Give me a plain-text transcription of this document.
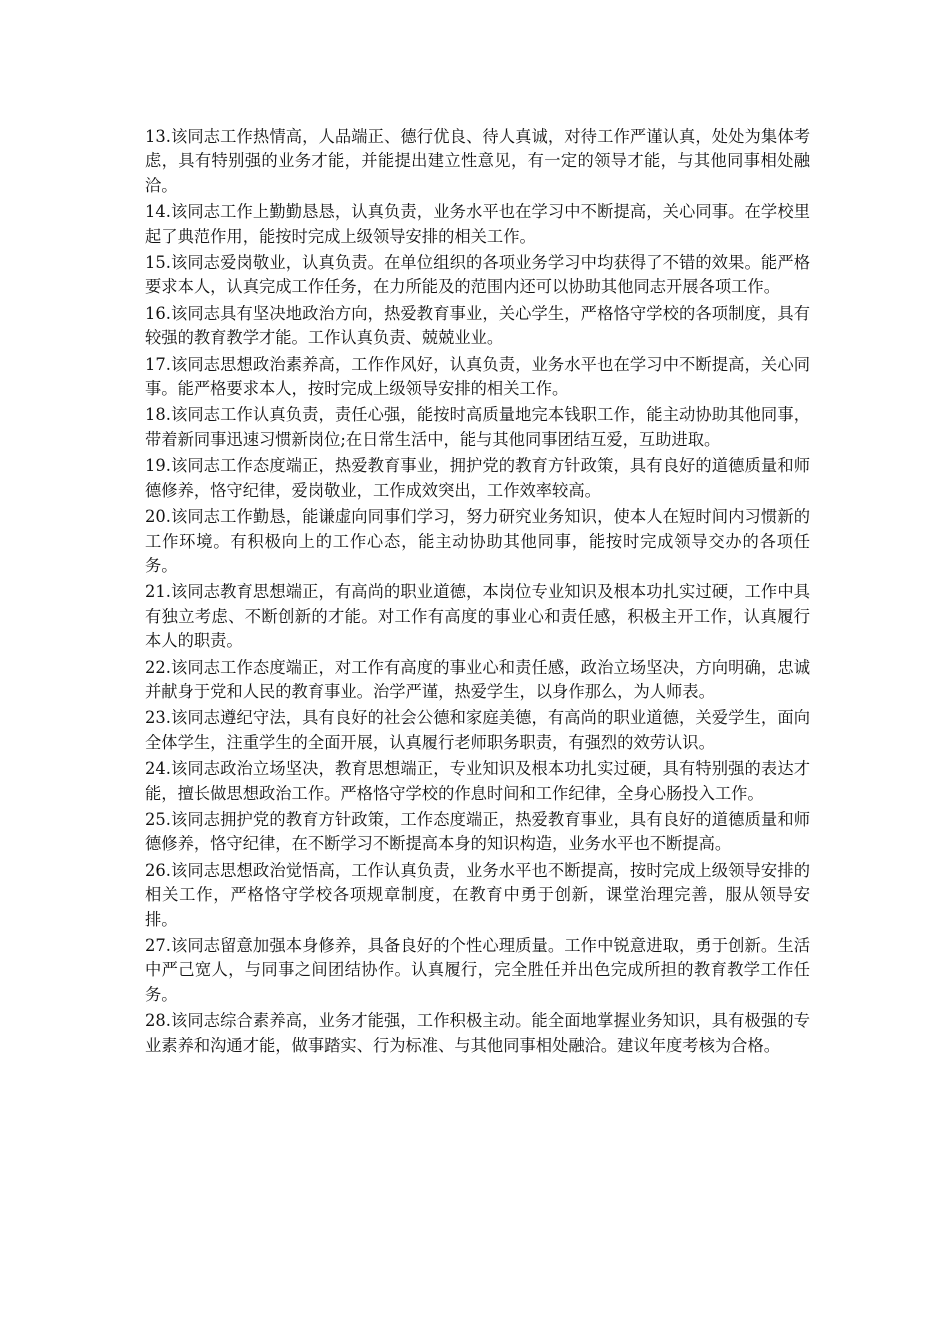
13.该同志工作热情高，人品端正、德行优良、待人真诚，对待工作严谨认真，处处为集体考虑，具有特别强的业务才能，并能提出建立性意见，有一定的领导才能，与其他同事相处融洽。

14.该同志工作上勤勤恳恳，认真负责，业务水平也在学习中不断提高，关心同事。在学校里起了典范作用，能按时完成上级领导安排的相关工作。

15.该同志爱岗敬业，认真负责。在单位组织的各项业务学习中均获得了不错的效果。能严格要求本人，认真完成工作任务，在力所能及的范围内还可以协助其他同志开展各项工作。

16.该同志具有坚决地政治方向，热爱教育事业，关心学生，严格恪守学校的各项制度，具有较强的教育教学才能。工作认真负责、兢兢业业。

17.该同志思想政治素养高，工作作风好，认真负责，业务水平也在学习中不断提高，关心同事。能严格要求本人，按时完成上级领导安排的相关工作。

18.该同志工作认真负责，责任心强，能按时高质量地完本钱职工作，能主动协助其他同事，带着新同事迅速习惯新岗位;在日常生活中，能与其他同事团结互爱，互助进取。

19.该同志工作态度端正，热爱教育事业，拥护党的教育方针政策，具有良好的道德质量和师德修养，恪守纪律，爱岗敬业，工作成效突出，工作效率较高。

20.该同志工作勤恳，能谦虚向同事们学习，努力研究业务知识，使本人在短时间内习惯新的工作环境。有积极向上的工作心态，能主动协助其他同事，能按时完成领导交办的各项任务。

21.该同志教育思想端正，有高尚的职业道德，本岗位专业知识及根本功扎实过硬，工作中具有独立考虑、不断创新的才能。对工作有高度的事业心和责任感，积极主开工作，认真履行本人的职责。

22.该同志工作态度端正，对工作有高度的事业心和责任感，政治立场坚决，方向明确，忠诚并献身于党和人民的教育事业。治学严谨，热爱学生，以身作那么，为人师表。

23.该同志遵纪守法，具有良好的社会公德和家庭美德，有高尚的职业道德，关爱学生，面向全体学生，注重学生的全面开展，认真履行老师职务职责，有强烈的效劳认识。

24.该同志政治立场坚决，教育思想端正，专业知识及根本功扎实过硬，具有特别强的表达才能，擅长做思想政治工作。严格恪守学校的作息时间和工作纪律，全身心肠投入工作。

25.该同志拥护党的教育方针政策，工作态度端正，热爱教育事业，具有良好的道德质量和师德修养，恪守纪律，在不断学习不断提高本身的知识构造，业务水平也不断提高。

26.该同志思想政治觉悟高，工作认真负责，业务水平也不断提高，按时完成上级领导安排的相关工作，严格恪守学校各项规章制度，在教育中勇于创新，课堂治理完善，服从领导安排。

27.该同志留意加强本身修养，具备良好的个性心理质量。工作中锐意进取，勇于创新。生活中严己宽人，与同事之间团结协作。认真履行，完全胜任并出色完成所担的教育教学工作任务。

28.该同志综合素养高，业务才能强，工作积极主动。能全面地掌握业务知识，具有极强的专业素养和沟通才能，做事踏实、行为标准、与其他同事相处融洽。建议年度考核为合格。
